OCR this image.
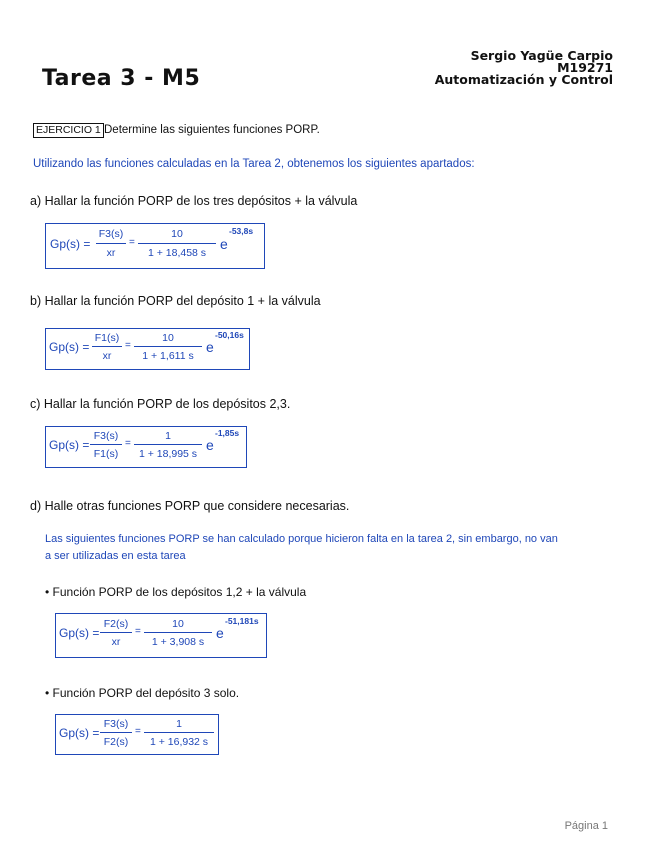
Tarea 3 - M5
Sergio Yagüe Carpio
M19271
Automatización y Control
EJERCICIO 1 Determine las siguientes funciones PORP.
Utilizando las funciones calculadas en la Tarea 2, obtenemos los siguientes apartados:
a) Hallar la función PORP de los tres depósitos + la válvula
Gp(s) =
F3(s)
xr
=
10
1 + 18,458 s
e
-53,8s
b) Hallar la función PORP del depósito 1 + la válvula
Gp(s) =
F1(s)
xr
=
10
1 + 1,611 s
e
-50,16s
c) Hallar la función PORP de los depósitos 2,3.
Gp(s) =
F3(s)
F1(s)
=
1
1 + 18,995 s
e
-1,85s
d) Halle otras funciones PORP que considere necesarias.
Las siguientes funciones PORP se han calculado porque hicieron falta en la tarea 2, sin embargo, no van
a ser utilizadas en esta tarea
• Función PORP de los depósitos 1,2 + la válvula
Gp(s) =
F2(s)
xr
=
10
1 + 3,908 s
e
-51,181s
• Función PORP del depósito 3 solo.
Gp(s) =
F3(s)
F2(s)
=
1
1 + 16,932 s
Página 1
